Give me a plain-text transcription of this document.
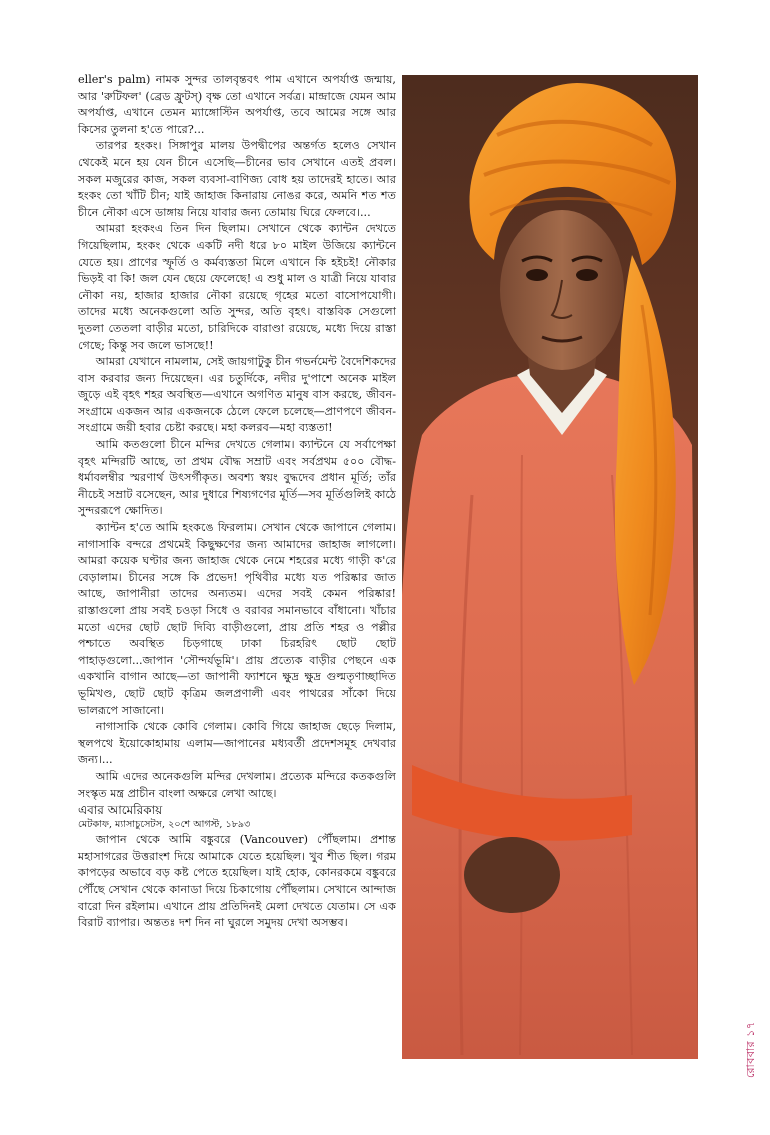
eller's palm) নামক সুন্দর তালবৃন্তবৎ পাম এখানে অপর্যাপ্ত জন্মায়, আর 'রুটিফল' (ব্রেড ফ্রুটস্) বৃক্ষ তো এখানে সর্বত্র। মান্দ্রাজে যেমন আম অপর্যাপ্ত, এখানে তেমন ম্যাঙ্গোস্টিন অপর্যাপ্ত, তবে আমের সঙ্গে আর কিসের তুলনা হ'তে পারে?...

তারপর হংকং। সিঙ্গাপুর মালয় উপদ্বীপের অন্তর্গত হলেও সেখান থেকেই মনে হয় যেন চীনে এসেছি—চীনের ভাব সেখানে এতই প্রবল। সকল মজুরের কাজ, সকল ব্যবসা-বাণিজ্য বোধ হয় তাদেরই হাতে। আর হংকং তো খাঁটি চীন; যাই জাহাজ কিনারায় নোঙর করে, অমনি শত শত চীনে নৌকা এসে ডাঙ্গায় নিয়ে যাবার জন্য তোমায় ঘিরে ফেলবে।...

আমরা হংকংএ তিন দিন ছিলাম। সেখানে থেকে ক্যান্টন দেখতে গিয়েছিলাম, হংকং থেকে একটি নদী ধরে ৮০ মাইল উজিয়ে ক্যান্টনে যেতে হয়। প্রাণের স্ফূর্তি ও কর্মব্যস্ততা মিলে এখানে কি হইচই! নৌকার ভিড়ই বা কি! জল যেন ছেয়ে ফেলেছে! এ শুধু মাল ও যাত্রী নিয়ে যাবার নৌকা নয়, হাজার হাজার নৌকা রয়েছে গৃহের মতো বাসোপযোগী। তাদের মধ্যে অনেকগুলো অতি সুন্দর, অতি বৃহৎ। বাস্তবিক সেগুলো দুতলা তেতলা বাড়ীর মতো, চারিদিকে বারাণ্ডা রয়েছে, মধ্যে দিয়ে রাস্তা গেছে; কিন্তু সব জলে ভাসছে!!

আমরা যেখানে নামলাম, সেই জায়গাটুকু চীন গভর্নমেন্ট বৈদেশিকদের বাস করবার জন্য দিয়েছেন। এর চতুর্দিকে, নদীর দু'পাশে অনেক মাইল জুড়ে এই বৃহৎ শহর অবস্থিত—এখানে অগণিত মানুষ বাস করছে, জীবন-সংগ্রামে একজন আর একজনকে ঠেলে ফেলে চলেছে—প্রাণপণে জীবন-সংগ্রামে জয়ী হবার চেষ্টা করছে। মহা কলরব—মহা ব্যস্ততা!

আমি কতগুলো চীনে মন্দির দেখতে গেলাম। ক্যান্টনে যে সর্বাপেক্ষা বৃহৎ মন্দিরটি আছে, তা প্রথম বৌদ্ধ সম্রাট এবং সর্বপ্রথম ৫০০ বৌদ্ধ-ধর্মাবলম্বীর স্মরণার্থ উৎসর্গীকৃত। অবশ্য স্বয়ং বুদ্ধদেব প্রধান মূর্তি; তাঁর নীচেই সম্রাট বসেছেন, আর দুধারে শিষ্যগণের মূর্তি—সব মূর্তিগুলিই কাঠে সুন্দররূপে ক্ষোদিত।

ক্যান্টন হ'তে আমি হংকঙে ফিরলাম। সেখান থেকে জাপানে গেলাম। নাগাসাকি বন্দরে প্রথমেই কিছুক্ষণের জন্য আমাদের জাহাজ লাগলো। আমরা কয়েক ঘণ্টার জন্য জাহাজ থেকে নেমে শহরের মধ্যে গাড়ী ক'রে বেড়ালাম। চীনের সঙ্গে কি প্রভেদ! পৃথিবীর মধ্যে যত পরিষ্কার জাত আছে, জাপানীরা তাদের অন্যতম। এদের সবই কেমন পরিষ্কার! রাস্তাগুলো প্রায় সবই চওড়া সিধে ও বরাবর সমানভাবে বাঁধানো। খাঁচার মতো এদের ছোট ছোট দিব্যি বাড়ীগুলো, প্রায় প্রতি শহর ও পল্লীর পশ্চাতে অবস্থিত চিড়গাছে ঢাকা চিরহরিৎ ছোট ছোট পাহাড়গুলো...জাপান 'সৌন্দর্যভূমি'। প্রায় প্রত্যেক বাড়ীর পেছনে এক একখানি বাগান আছে—তা জাপানী ফ্যাশনে ক্ষুদ্র ক্ষুদ্র গুল্মতৃণাচ্ছাদিত ভূমিখণ্ড, ছোট ছোট কৃত্রিম জলপ্রণালী এবং পাথরের সাঁকো দিয়ে ভালরূপে সাজানো।

নাগাসাকি থেকে কোবি গেলাম। কোবি গিয়ে জাহাজ ছেড়ে দিলাম, স্থলপথে ইয়োকোহামায় এলাম—জাপানের মধ্যবর্তী প্রদেশসমূহ দেখবার জন্য।...

আমি এদের অনেকগুলি মন্দির দেখলাম। প্রত্যেক মন্দিরে কতকগুলি সংস্কৃত মন্ত্র প্রাচীন বাংলা অক্ষরে লেখা আছে।

এবার আমেরিকায়

মেটকাফ, ম্যাসাচুসেটস, ২০শে আগস্ট, ১৮৯৩

জাপান থেকে আমি বঙ্কুবরে (Vancouver) পৌঁছলাম। প্রশান্ত মহাসাগরের উত্তরাংশ দিয়ে আমাকে যেতে হয়েছিল। খুব শীত ছিল। গরম কাপড়ের অভাবে বড় কষ্ট পেতে হয়েছিল। যাই হোক, কোনরকমে বঙ্কুবরে পৌঁছে সেখান থেকে কানাডা দিয়ে চিকাগোয় পৌঁছলাম। সেখানে আন্দাজ বারো দিন রইলাম। এখানে প্রায় প্রতিদিনই মেলা দেখতে যেতাম। সে এক বিরাট ব্যাপার। অন্ততঃ দশ দিন না ঘুরলে সমুদয় দেখা অসম্ভব।

রোববার ১৭
